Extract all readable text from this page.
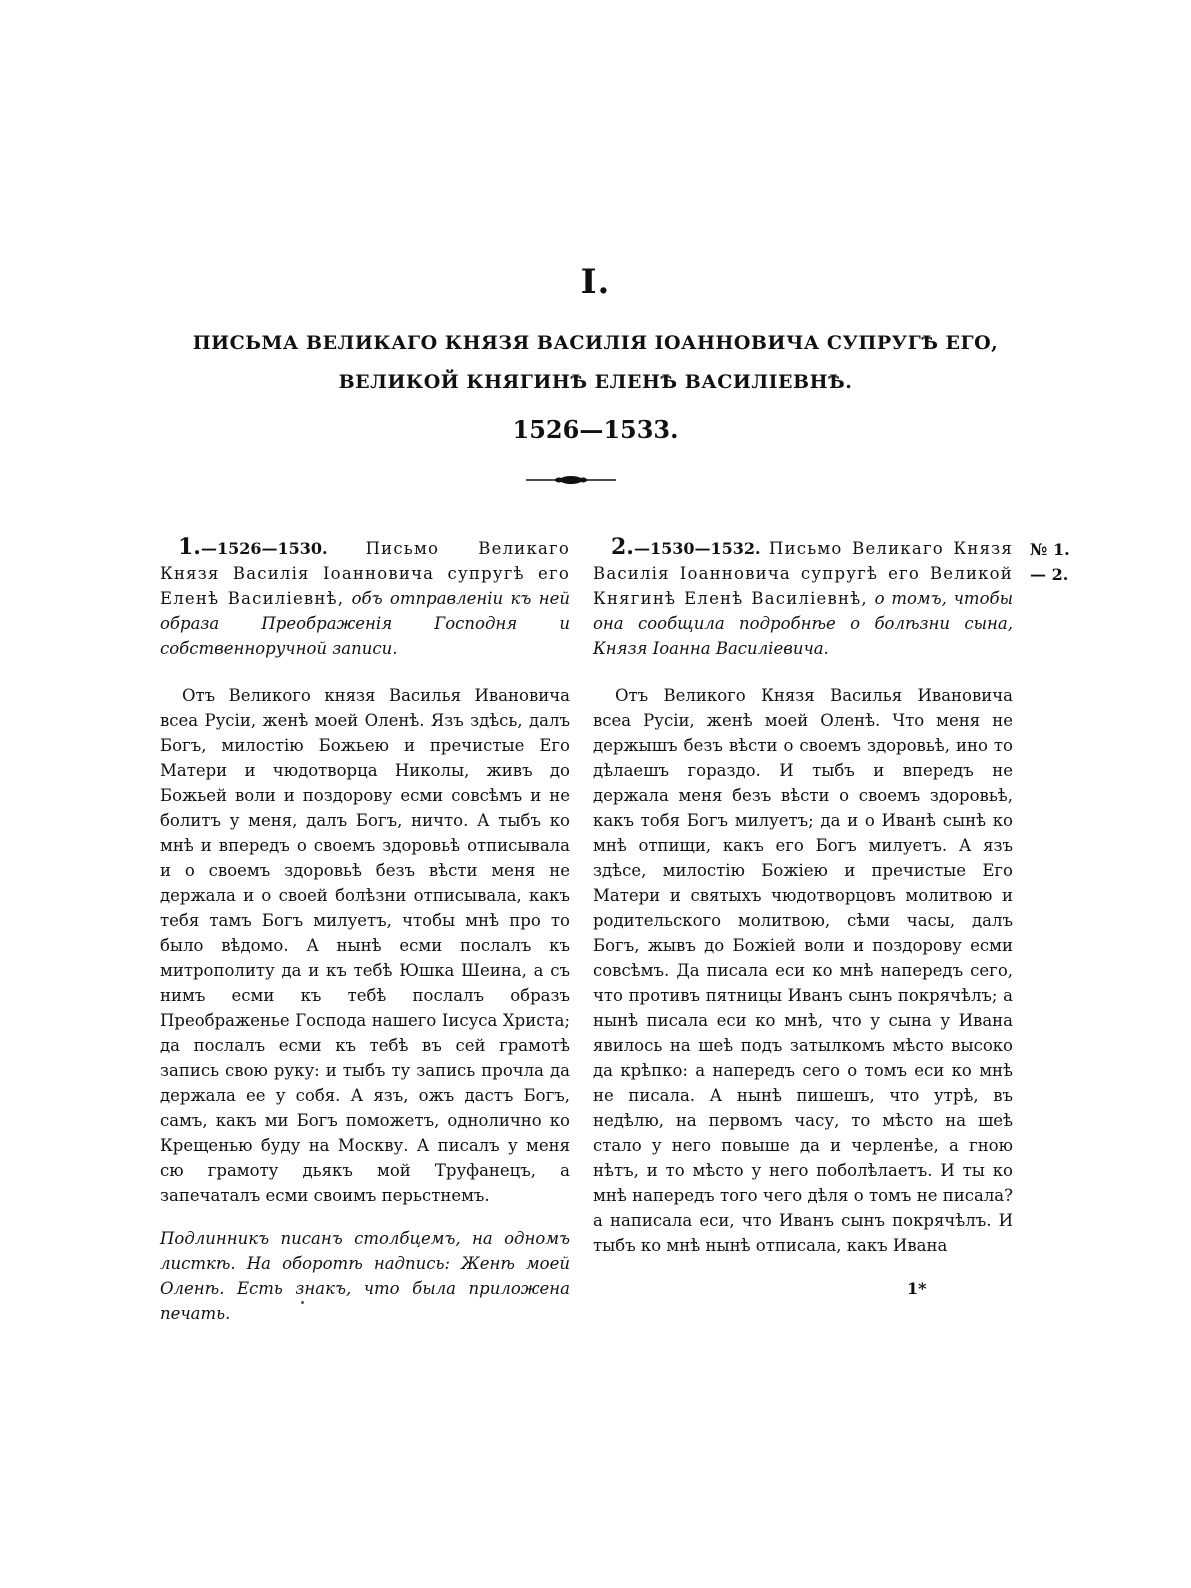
I.
ПИСЬМА ВЕЛИКАГО КНЯЗЯ ВАСИЛІЯ ІОАННОВИЧА СУПРУГѢ ЕГО,
ВЕЛИКОЙ КНЯГИНѢ ЕЛЕНѢ ВАСИЛІЕВНѢ.
1526—1533.

1.—1526—1530. Письмо Великаго Князя Василія Іоанновича супругѣ его Еленѣ Василіевнѣ, объ отправленіи къ ней образа Преображенія Господня и собственноручной записи.

Отъ Великого князя Василья Ивановича всеа Русіи, женѣ моей Оленѣ. Язъ здѣсь, далъ Богъ, милостію Божьею и пречистые Его Матери и чюдотворца Николы, живъ до Божьей воли и поздорову есми совсѣмъ и не болитъ у меня, далъ Богъ, ничто. А тыбъ ко мнѣ и впередъ о своемъ здоровьѣ отписывала и о своемъ здоровьѣ безъ вѣсти меня не держала и о своей болѣзни отписывала, какъ тебя тамъ Богъ милуетъ, чтобы мнѣ про то было вѣдомо. А нынѣ есми послалъ къ митрополиту да и къ тебѣ Юшка Шеина, а съ нимъ есми къ тебѣ послалъ образъ Преображенье Господа нашего Іисуса Христа; да послалъ есми къ тебѣ въ сей грамотѣ запись свою руку: и тыбъ ту запись прочла да держала ее у собя. А язъ, ожъ дастъ Богъ, самъ, какъ ми Богъ поможетъ, однолично ко Крещенью буду на Москву. А писалъ у меня сю грамоту дьякъ мой Труфанецъ, а запечаталъ есми своимъ перьстнемъ.

Подлинникъ писанъ столбцемъ, на одномъ листкѣ. На оборотѣ надпись: Женѣ моей Оленѣ. Есть знакъ, что была приложена печать.

2.—1530—1532. Письмо Великаго Князя Василія Іоанновича супругѣ его Великой Княгинѣ Еленѣ Василіевнѣ, о томъ, чтобы она сообщила подробнѣе о болѣзни сына, Князя Іоанна Василіевича.

Отъ Великого Князя Василья Ивановича всеа Русіи, женѣ моей Оленѣ. Что меня не держышъ безъ вѣсти о своемъ здоровьѣ, ино то дѣлаешъ гораздо. И тыбъ и впередъ не держала меня безъ вѣсти о своемъ здоровьѣ, какъ тобя Богъ милуетъ; да и о Иванѣ сынѣ ко мнѣ отпищи, какъ его Богъ милуетъ. А язъ здѣсе, милостію Божіею и пречистые Его Матери и святыхъ чюдотворцовъ молитвою и родительского молитвою, сѣми часы, далъ Богъ, жывъ до Божіей воли и поздорову есми совсѣмъ. Да писала еси ко мнѣ напередъ сего, что противъ пятницы Иванъ сынъ покрячѣлъ; а нынѣ писала еси ко мнѣ, что у сына у Ивана явилось на шеѣ подъ затылкомъ мѣсто высоко да крѣпко: а напередъ сего о томъ еси ко мнѣ не писала. А нынѣ пишешъ, что утрѣ, въ недѣлю, на первомъ часу, то мѣсто на шеѣ стало у него повыше да и черленѣе, а гною нѣтъ, и то мѣсто у него поболѣлаетъ. И ты ко мнѣ напередъ того чего дѣля о томъ не писала? а написала еси, что Иванъ сынъ покрячѣлъ. И тыбъ ко мнѣ нынѣ отписала, какъ Ивана

№ 1.
— 2.
1*
